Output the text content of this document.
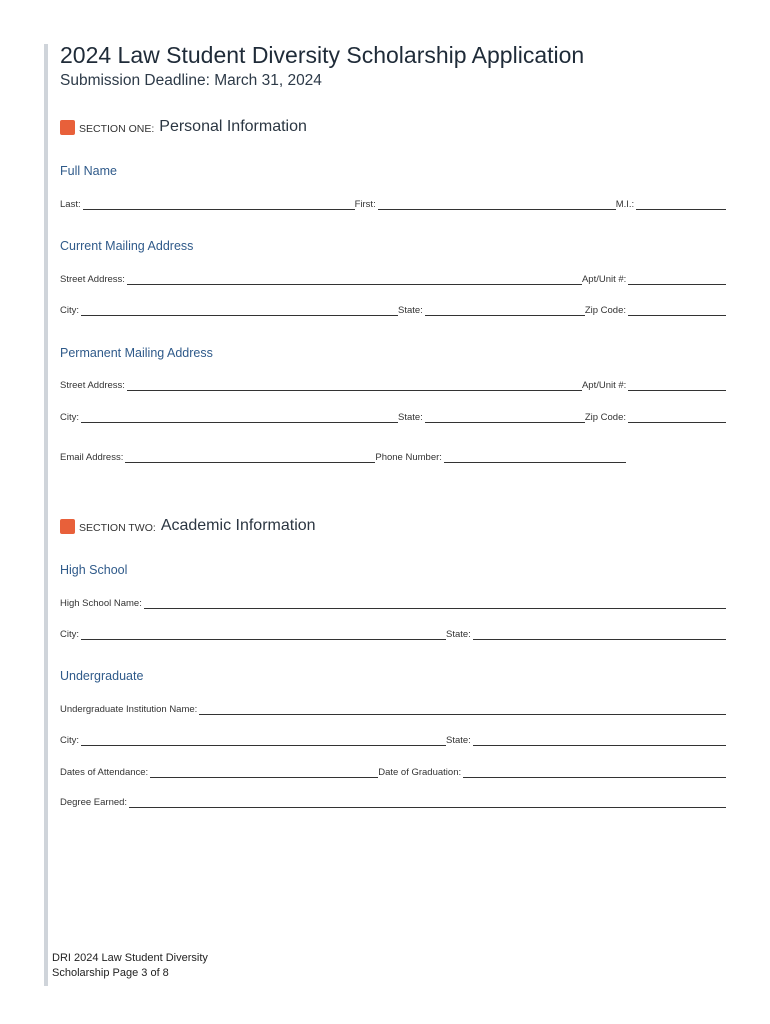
2024 Law Student Diversity Scholarship Application
Submission Deadline: March 31, 2024
SECTION ONE: Personal Information
Full Name
Last:	First:	M.I.:
Current Mailing Address
Street Address:	Apt/Unit #:
City:	State:	Zip Code:
Permanent Mailing Address
Street Address:	Apt/Unit #:
City:	State:	Zip Code:
Email Address:	Phone Number:
SECTION TWO: Academic Information
High School
High School Name:
City:	State:
Undergraduate
Undergraduate Institution Name:
City:	State:
Dates of Attendance:	Date of Graduation:
Degree Earned:
DRI 2024 Law Student Diversity
Scholarship Page 3 of 8
